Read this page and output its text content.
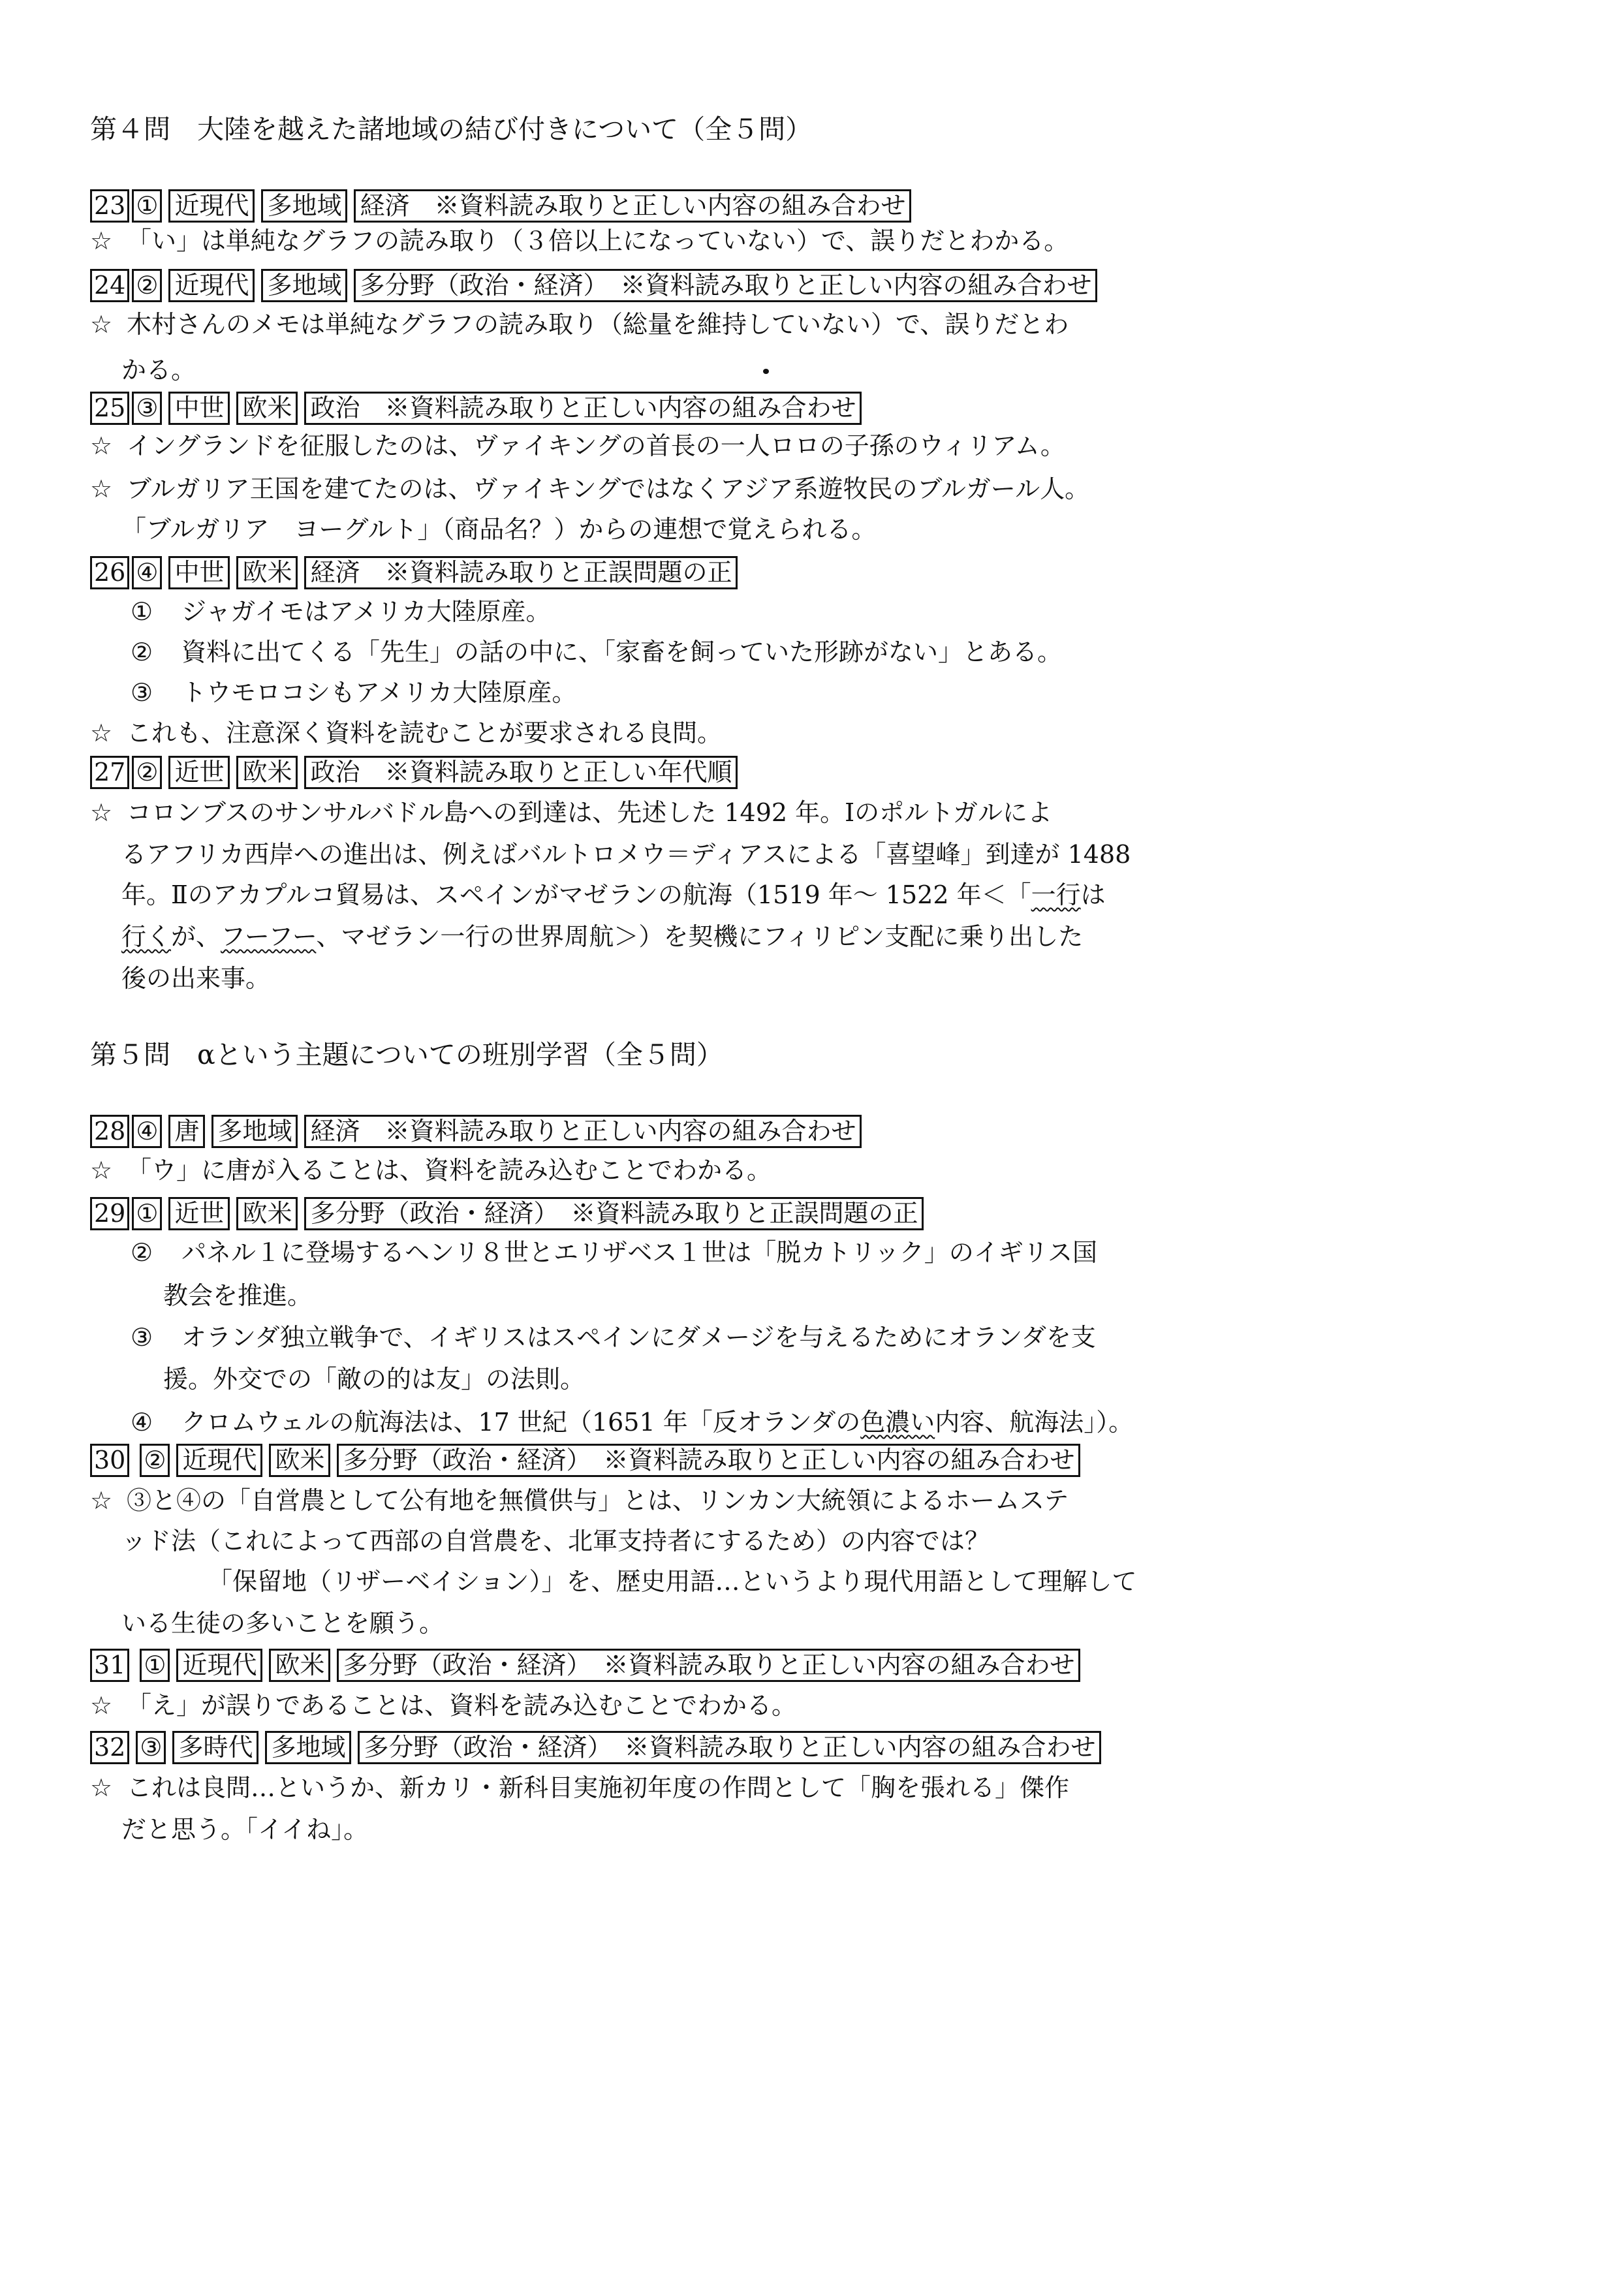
第４問　大陸を越えた諸地域の結び付きについて（全５問）
23 ① 近現代 多地域 経済　※資料読み取りと正しい内容の組み合わせ
☆ 「い」は単純なグラフの読み取り（３倍以上になっていない）で、誤りだとわかる。
24 ② 近現代 多地域 多分野（政治・経済）　※資料読み取りと正しい内容の組み合わせ
☆ 木村さんのメモは単純なグラフの読み取り（総量を維持していない）で、誤りだとわ
かる。
25 ③ 中世 欧米 政治　※資料読み取りと正しい内容の組み合わせ
☆ イングランドを征服したのは、ヴァイキングの首長の一人ロロの子孫のウィリアム。
☆ ブルガリア王国を建てたのは、ヴァイキングではなくアジア系遊牧民のブルガール人。
「ブルガリア　ヨーグルト」（商品名？）からの連想で覚えられる。
26 ④ 中世 欧米 経済　※資料読み取りと正誤問題の正
①　 ジャガイモはアメリカ大陸原産。
②　 資料に出てくる「先生」の話の中に、「家畜を飼っていた形跡がない」とある。
③　 トウモロコシもアメリカ大陸原産。
☆ これも、注意深く資料を読むことが要求される良問。
27 ② 近世 欧米 政治　※資料読み取りと正しい年代順
☆ コロンブスのサンサルバドル島への到達は、先述した 1492 年。Ⅰのポルトガルによ
るアフリカ西岸への進出は、例えばバルトロメウ＝ディアスによる「喜望峰」到達が 1488
年。Ⅱのアカプルコ貿易は、スペインがマゼランの航海（1519 年～ 1522 年＜「一行は
行くが、フーフー、マゼラン一行の世界周航＞）を契機にフィリピン支配に乗り出した
後の出来事。
第５問　αという主題についての班別学習（全５問）
28 ④ 唐 多地域 経済　※資料読み取りと正しい内容の組み合わせ
☆ 「ウ」に唐が入ることは、資料を読み込むことでわかる。
29 ① 近世 欧米 多分野（政治・経済）　※資料読み取りと正誤問題の正
②　 パネル１に登場するヘンリ８世とエリザベス１世は「脱カトリック」のイギリス国
教会を推進。
③　 オランダ独立戦争で、イギリスはスペインにダメージを与えるためにオランダを支
援。外交での「敵の的は友」の法則。
④　 クロムウェルの航海法は、17 世紀（1651 年「反オランダの色濃い内容、航海法」）。
30 ② 近現代 欧米 多分野（政治・経済）　※資料読み取りと正しい内容の組み合わせ
☆ ③と④の「自営農として公有地を無償供与」とは、リンカン大統領によるホームステ
ッド法（これによって西部の自営農を、北軍支持者にするため）の内容では？
「保留地（リザーベイション）」を、歴史用語…というより現代用語として理解して
いる生徒の多いことを願う。
31 ① 近現代 欧米 多分野（政治・経済）　※資料読み取りと正しい内容の組み合わせ
☆ 「え」が誤りであることは、資料を読み込むことでわかる。
32 ③ 多時代 多地域 多分野（政治・経済）　※資料読み取りと正しい内容の組み合わせ
☆ これは良問…というか、新カリ・新科目実施初年度の作問として「胸を張れる」傑作
だと思う。「イイね」。
